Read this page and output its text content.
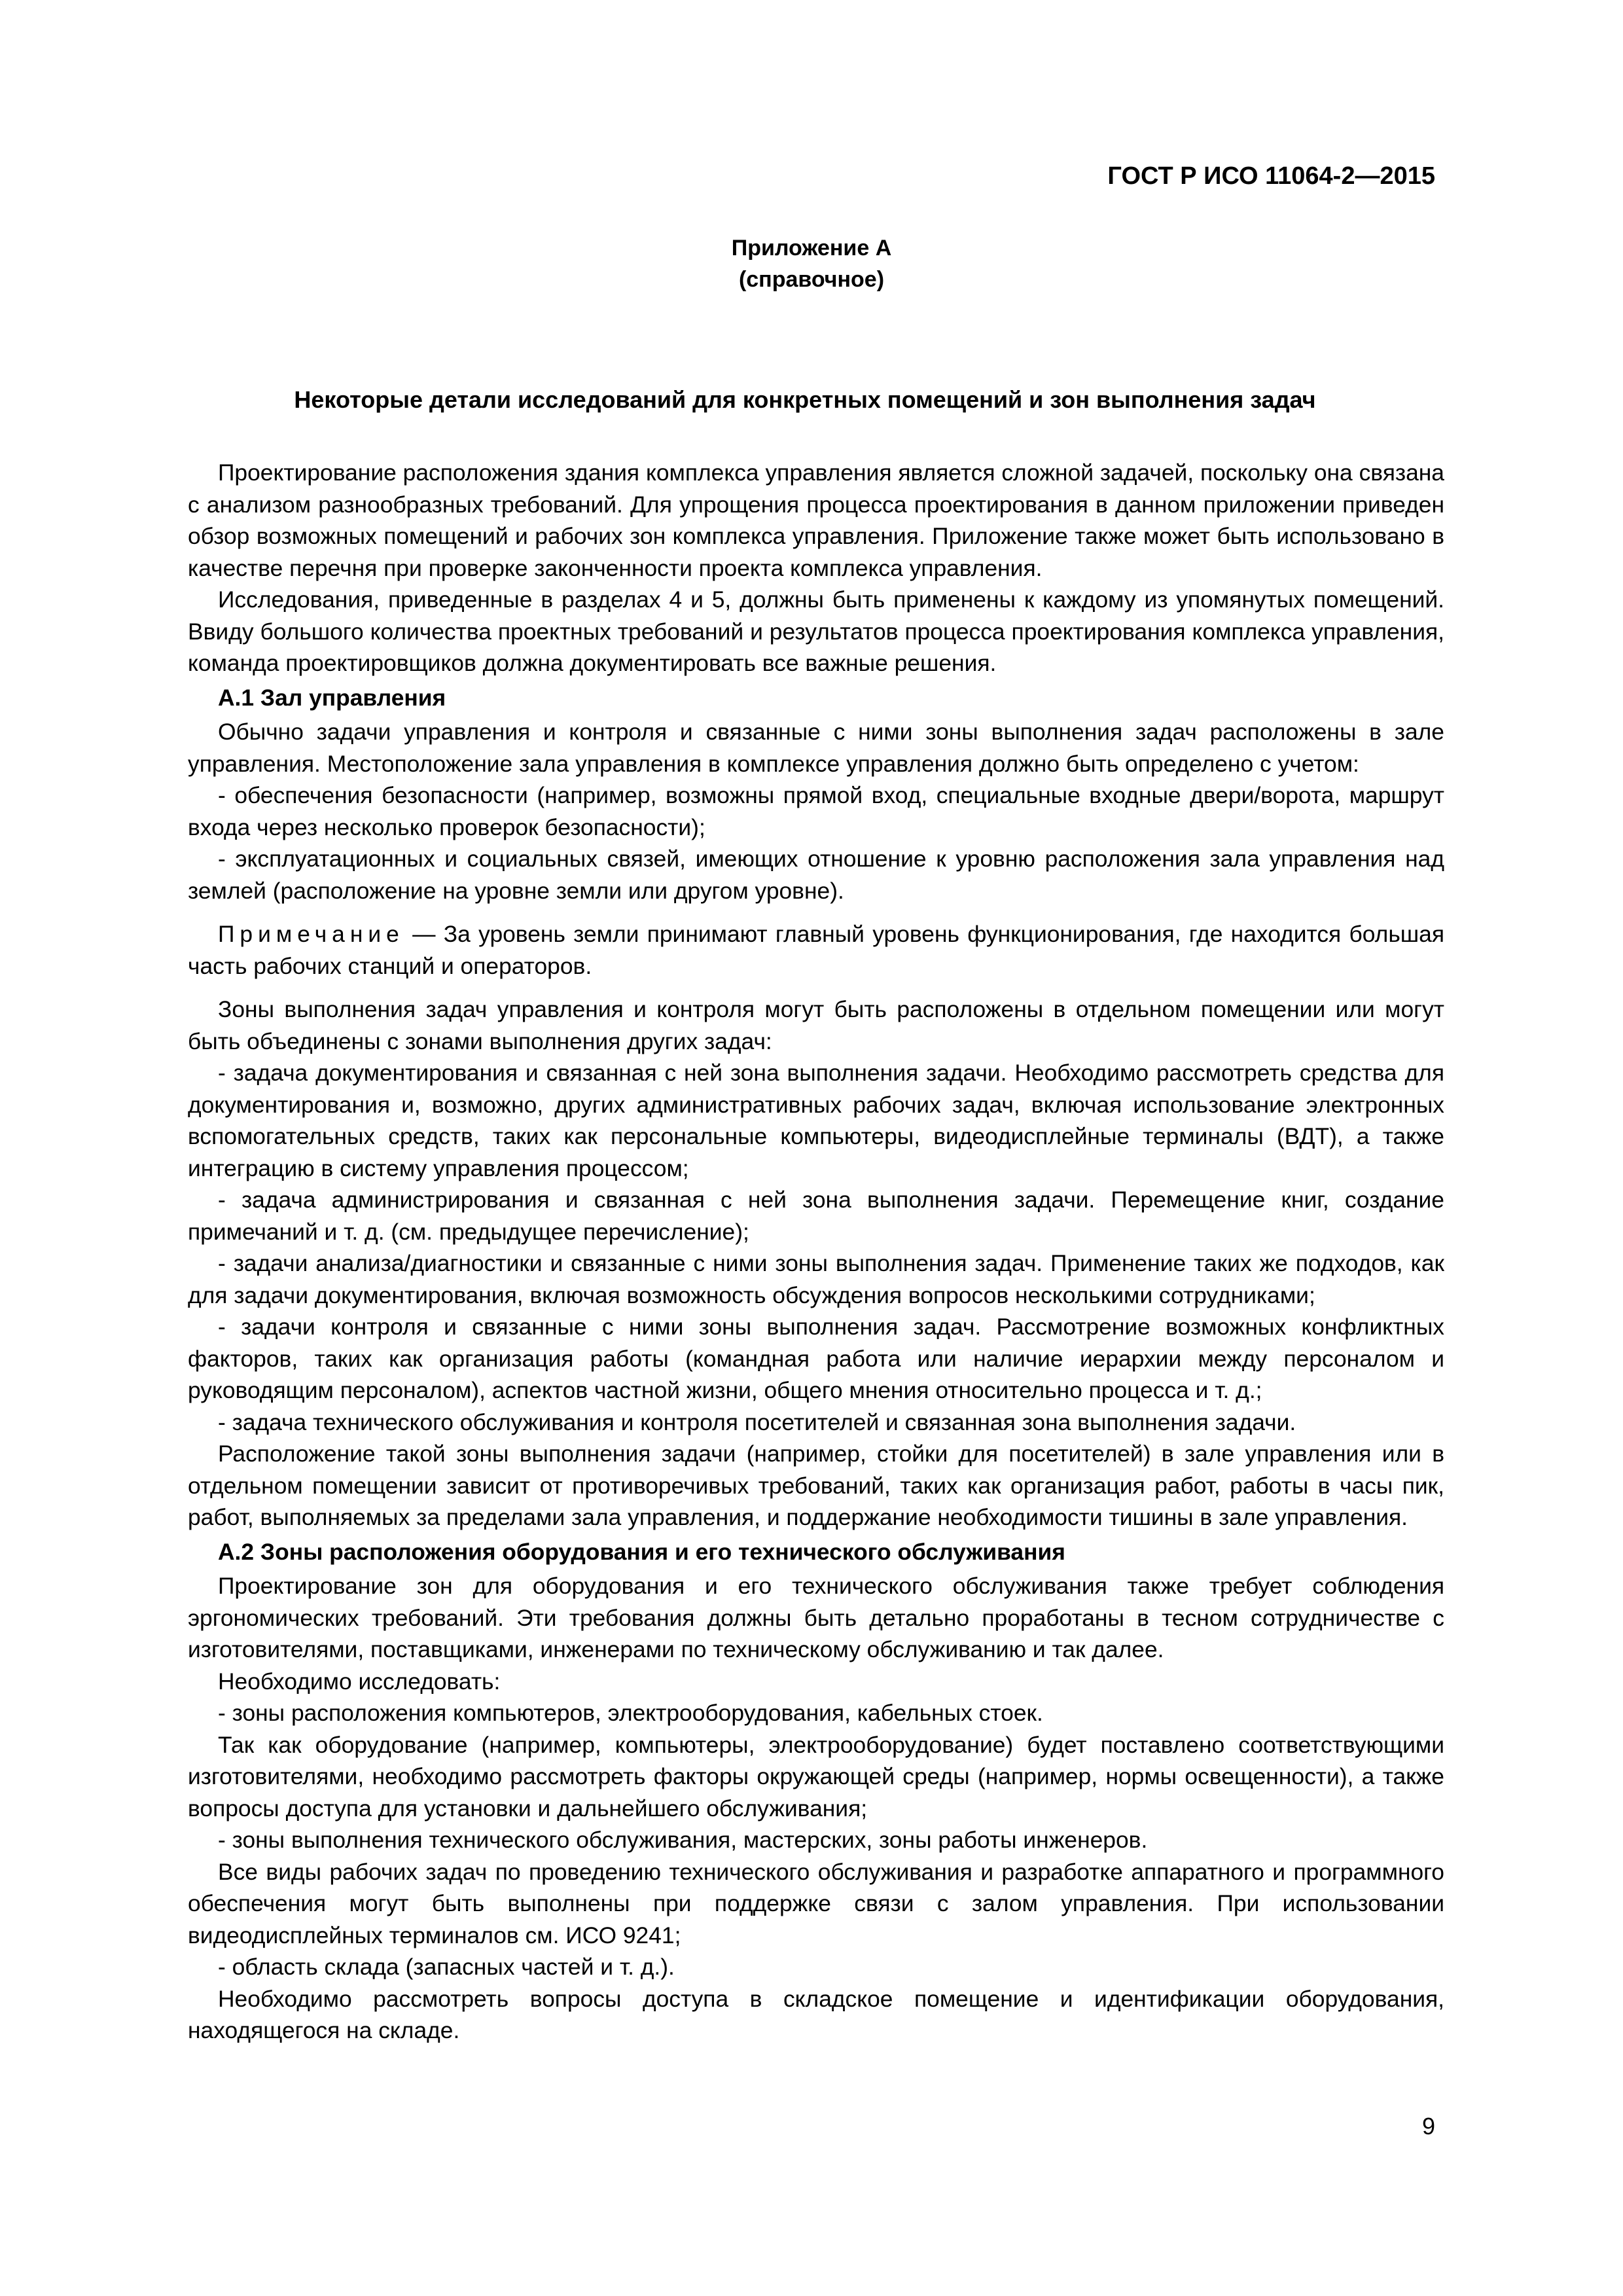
ГОСТ Р ИСО 11064-2—2015
Приложение А
(справочное)
Некоторые детали исследований для конкретных помещений и зон выполнения задач

Проектирование расположения здания комплекса управления является сложной задачей, поскольку она связана с анализом разнообразных требований. Для упрощения процесса проектирования в данном приложении приведен обзор возможных помещений и рабочих зон комплекса управления. Приложение также может быть использовано в качестве перечня при проверке законченности проекта комплекса управления.

Исследования, приведенные в разделах 4 и 5, должны быть применены к каждому из упомянутых помещений. Ввиду большого количества проектных требований и результатов процесса проектирования комплекса управления, команда проектировщиков должна документировать все важные решения.

А.1 Зал управления

Обычно задачи управления и контроля и связанные с ними зоны выполнения задач расположены в зале управления. Местоположение зала управления в комплексе управления должно быть определено с учетом:

- обеспечения безопасности (например, возможны прямой вход, специальные входные двери/ворота, маршрут входа через несколько проверок безопасности);

- эксплуатационных и социальных связей, имеющих отношение к уровню расположения зала управления над землей (расположение на уровне земли или другом уровне).

Примечание — За уровень земли принимают главный уровень функционирования, где находится большая часть рабочих станций и операторов.

Зоны выполнения задач управления и контроля могут быть расположены в отдельном помещении или могут быть объединены с зонами выполнения других задач:

- задача документирования и связанная с ней зона выполнения задачи. Необходимо рассмотреть средства для документирования и, возможно, других административных рабочих задач, включая использование электронных вспомогательных средств, таких как персональные компьютеры, видеодисплейные терминалы (ВДТ), а также интеграцию в систему управления процессом;

- задача администрирования и связанная с ней зона выполнения задачи. Перемещение книг, создание примечаний и т. д. (см. предыдущее перечисление);

- задачи анализа/диагностики и связанные с ними зоны выполнения задач. Применение таких же подходов, как для задачи документирования, включая возможность обсуждения вопросов несколькими сотрудниками;

- задачи контроля и связанные с ними зоны выполнения задач. Рассмотрение возможных конфликтных факторов, таких как организация работы (командная работа или наличие иерархии между персоналом и руководящим персоналом), аспектов частной жизни, общего мнения относительно процесса и т. д.;

- задача технического обслуживания и контроля посетителей и связанная зона выполнения задачи.

Расположение такой зоны выполнения задачи (например, стойки для посетителей) в зале управления или в отдельном помещении зависит от противоречивых требований, таких как организация работ, работы в часы пик, работ, выполняемых за пределами зала управления, и поддержание необходимости тишины в зале управления.

А.2 Зоны расположения оборудования и его технического обслуживания

Проектирование зон для оборудования и его технического обслуживания также требует соблюдения эргономических требований. Эти требования должны быть детально проработаны в тесном сотрудничестве с изготовителями, поставщиками, инженерами по техническому обслуживанию и так далее.

Необходимо исследовать:

- зоны расположения компьютеров, электрооборудования, кабельных стоек.

Так как оборудование (например, компьютеры, электрооборудование) будет поставлено соответствующими изготовителями, необходимо рассмотреть факторы окружающей среды (например, нормы освещенности), а также вопросы доступа для установки и дальнейшего обслуживания;

- зоны выполнения технического обслуживания, мастерских, зоны работы инженеров.

Все виды рабочих задач по проведению технического обслуживания и разработке аппаратного и программного обеспечения могут быть выполнены при поддержке связи с залом управления. При использовании видеодисплейных терминалов см. ИСО 9241;

- область склада (запасных частей и т. д.).

Необходимо рассмотреть вопросы доступа в складское помещение и идентификации оборудования, находящегося на складе.

9
